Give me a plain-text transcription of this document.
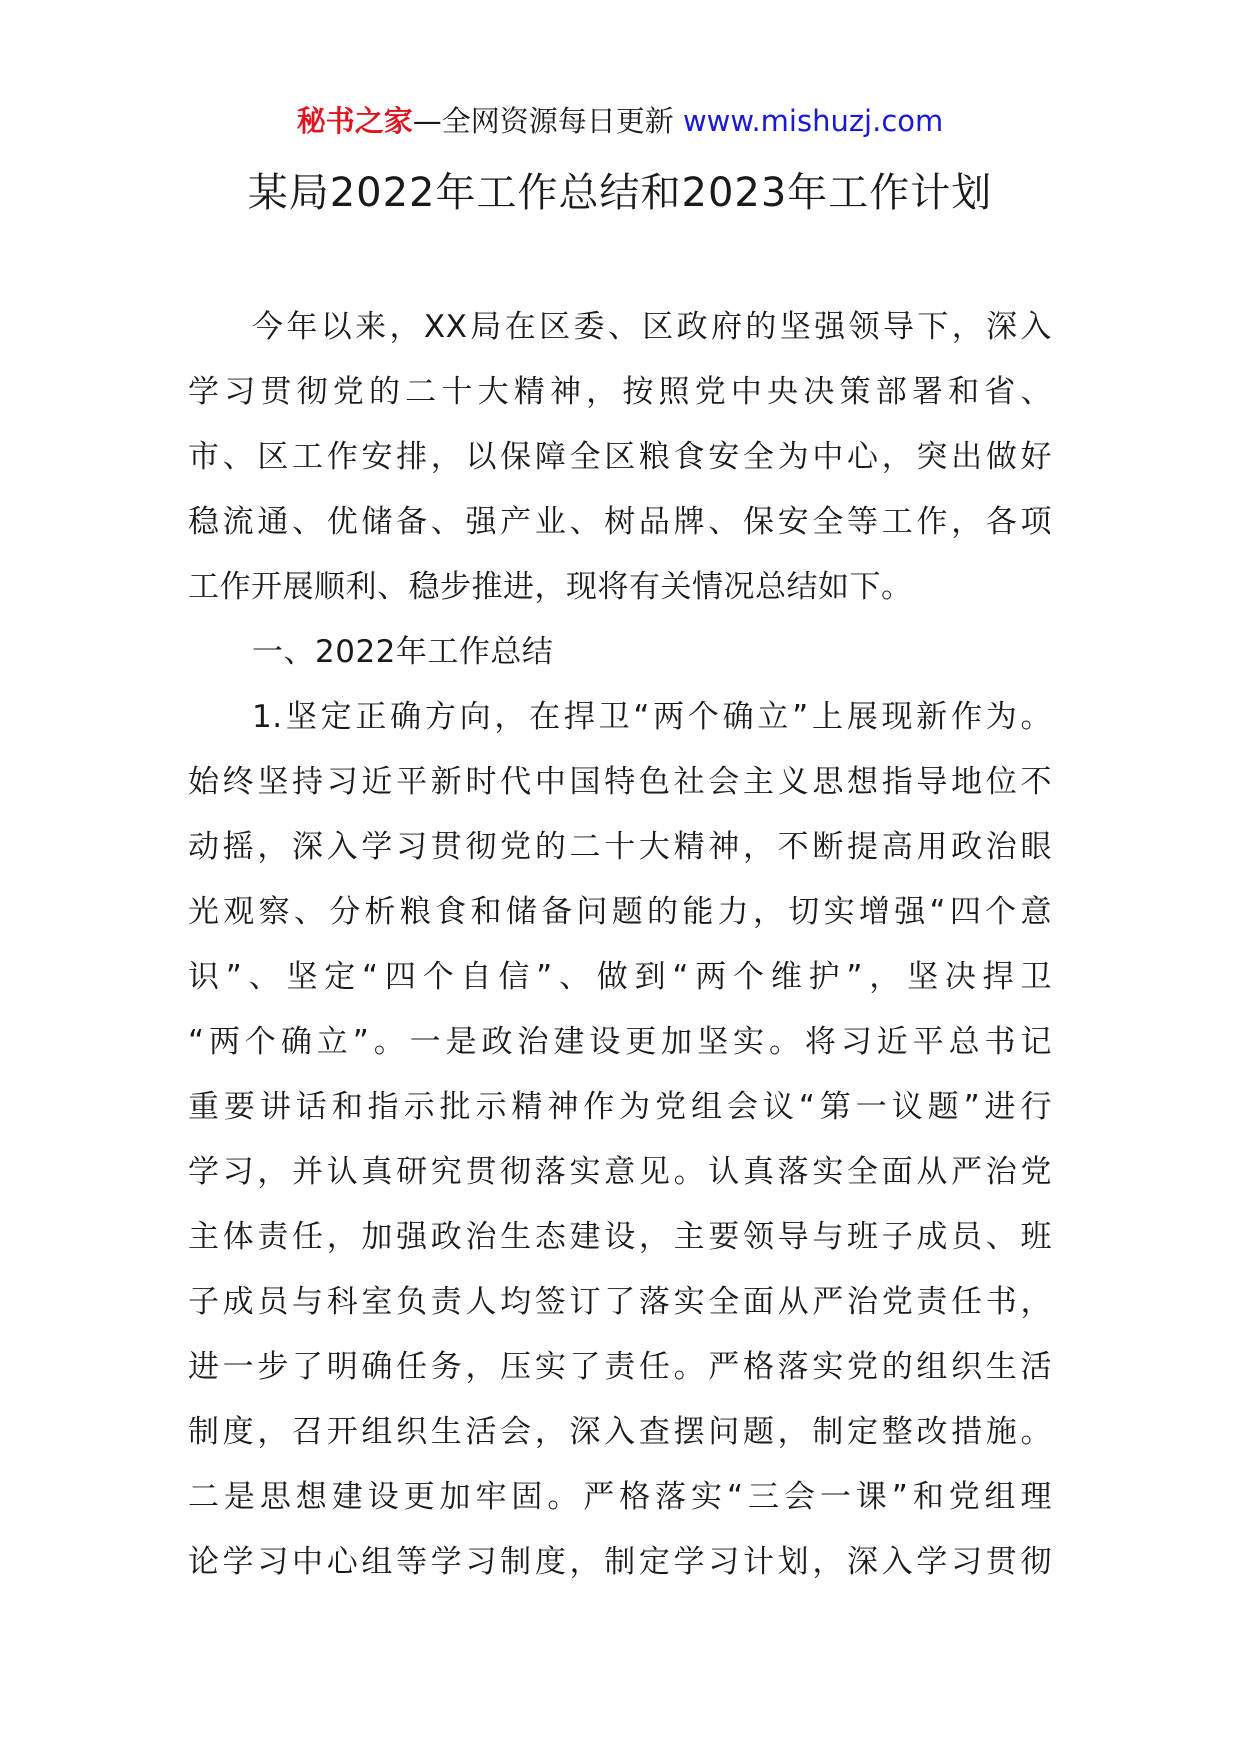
秘书之家—全网资源每日更新 www.mishuzj.com
某局2022年工作总结和2023年工作计划
今年以来，XX局在区委、区政府的坚强领导下，深入
学习贯彻党的二十大精神，按照党中央决策部署和省、
市、区工作安排，以保障全区粮食安全为中心，突出做好
稳流通、优储备、强产业、树品牌、保安全等工作，各项
工作开展顺利、稳步推进，现将有关情况总结如下。
一、2022年工作总结
1.坚定正确方向，在捍卫“两个确立”上展现新作为。
始终坚持习近平新时代中国特色社会主义思想指导地位不
动摇，深入学习贯彻党的二十大精神，不断提高用政治眼
光观察、分析粮食和储备问题的能力，切实增强“四个意
识”、坚定“四个自信”、做到“两个维护”，坚决捍卫
“两个确立”。一是政治建设更加坚实。将习近平总书记
重要讲话和指示批示精神作为党组会议“第一议题”进行
学习，并认真研究贯彻落实意见。认真落实全面从严治党
主体责任，加强政治生态建设，主要领导与班子成员、班
子成员与科室负责人均签订了落实全面从严治党责任书，
进一步了明确任务，压实了责任。严格落实党的组织生活
制度，召开组织生活会，深入查摆问题，制定整改措施。
二是思想建设更加牢固。严格落实“三会一课”和党组理
论学习中心组等学习制度，制定学习计划，深入学习贯彻
